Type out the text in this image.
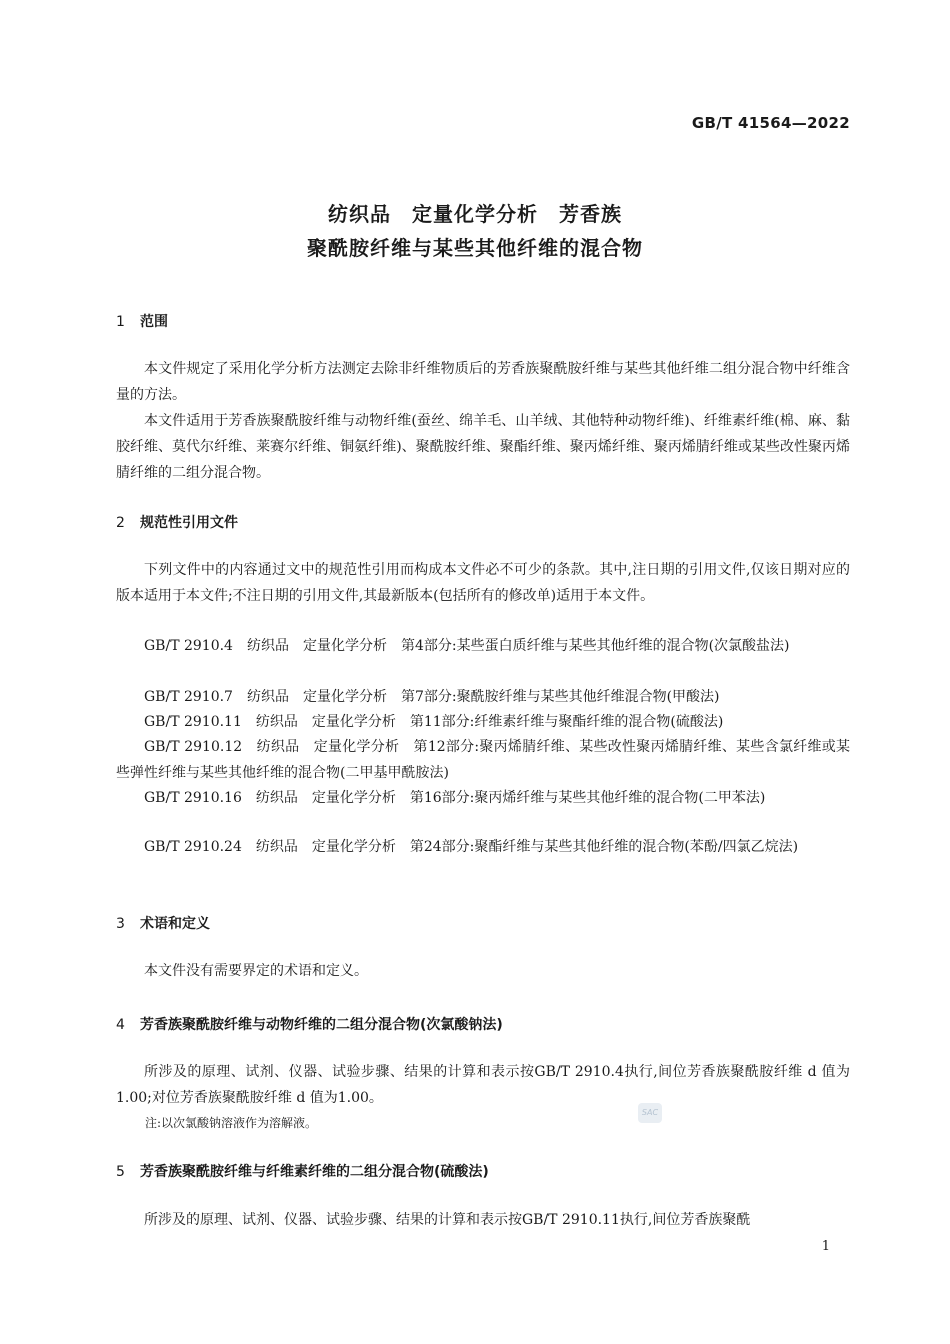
GB/T 41564—2022
纺织品　定量化学分析　芳香族
聚酰胺纤维与某些其他纤维的混合物
1 范围

本文件规定了采用化学分析方法测定去除非纤维物质后的芳香族聚酰胺纤维与某些其他纤维二组分混合物中纤维含量的方法。

本文件适用于芳香族聚酰胺纤维与动物纤维(蚕丝、绵羊毛、山羊绒、其他特种动物纤维)、纤维素纤维(棉、麻、黏胶纤维、莫代尔纤维、莱赛尔纤维、铜氨纤维)、聚酰胺纤维、聚酯纤维、聚丙烯纤维、聚丙烯腈纤维或某些改性聚丙烯腈纤维的二组分混合物。

2 规范性引用文件

下列文件中的内容通过文中的规范性引用而构成本文件必不可少的条款。其中,注日期的引用文件,仅该日期对应的版本适用于本文件;不注日期的引用文件,其最新版本(包括所有的修改单)适用于本文件。

GB/T 2910.4　纺织品　定量化学分析　第4部分:某些蛋白质纤维与某些其他纤维的混合物(次氯酸盐法)

GB/T 2910.7　纺织品　定量化学分析　第7部分:聚酰胺纤维与某些其他纤维混合物(甲酸法)

GB/T 2910.11　纺织品　定量化学分析　第11部分:纤维素纤维与聚酯纤维的混合物(硫酸法)

GB/T 2910.12　纺织品　定量化学分析　第12部分:聚丙烯腈纤维、某些改性聚丙烯腈纤维、某些含氯纤维或某些弹性纤维与某些其他纤维的混合物(二甲基甲酰胺法)

GB/T 2910.16　纺织品　定量化学分析　第16部分:聚丙烯纤维与某些其他纤维的混合物(二甲苯法)

GB/T 2910.24　纺织品　定量化学分析　第24部分:聚酯纤维与某些其他纤维的混合物(苯酚/四氯乙烷法)

3 术语和定义

本文件没有需要界定的术语和定义。

4 芳香族聚酰胺纤维与动物纤维的二组分混合物(次氯酸钠法)

所涉及的原理、试剂、仪器、试验步骤、结果的计算和表示按GB/T 2910.4执行,间位芳香族聚酰胺纤维 d 值为1.00;对位芳香族聚酰胺纤维 d 值为1.00。

注:以次氯酸钠溶液作为溶解液。
SAC
5 芳香族聚酰胺纤维与纤维素纤维的二组分混合物(硫酸法)

所涉及的原理、试剂、仪器、试验步骤、结果的计算和表示按GB/T 2910.11执行,间位芳香族聚酰

1
